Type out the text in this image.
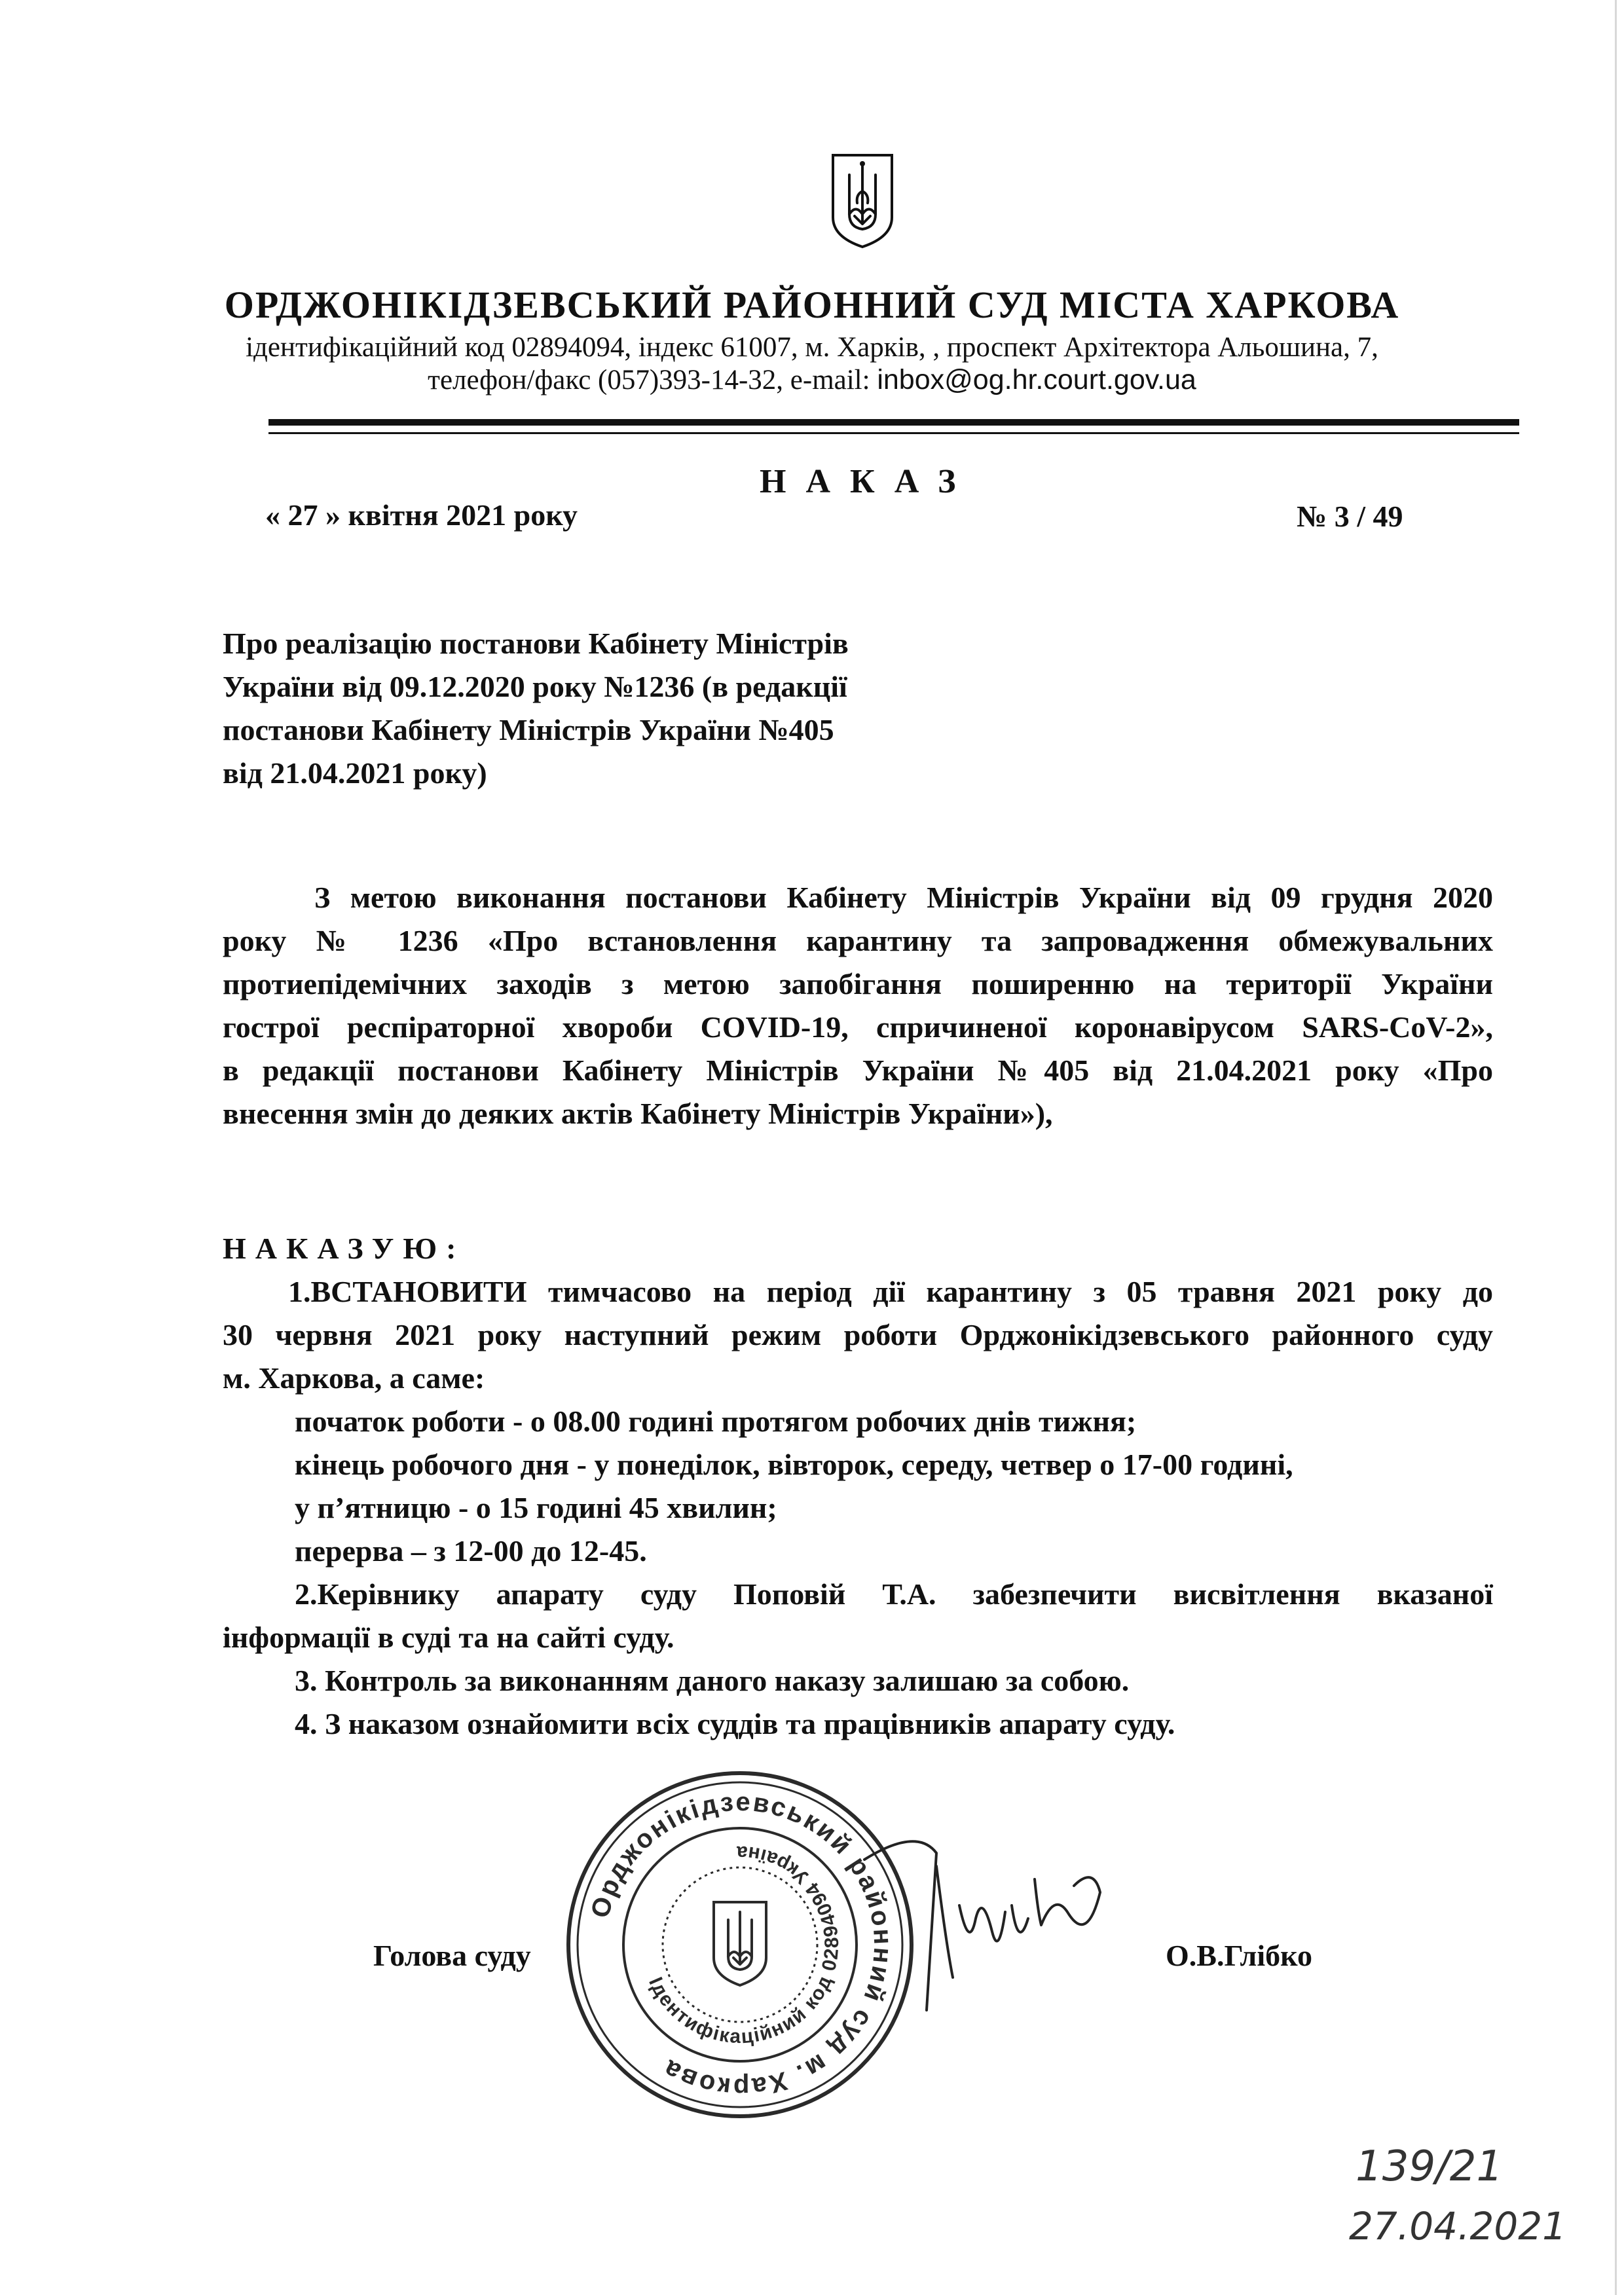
ОРДЖОНІКІДЗЕВСЬКИЙ РАЙОННИЙ СУД МІСТА ХАРКОВА
ідентифікаційний код 02894094, індекс 61007, м. Харків, , проспект Архітектора Альошина, 7,
телефон/факс (057)393-14-32, e-mail: inbox@og.hr.court.gov.ua
НАКАЗ
« 27 » квітня 2021 року	№ 3 / 49
Про реалізацію постанови Кабінету Міністрів
України від 09.12.2020 року №1236 (в редакції
постанови Кабінету Міністрів України №405
від 21.04.2021 року)
З метою виконання постанови Кабінету Міністрів України від 09 грудня 2020
року № 1236 «Про встановлення карантину та запровадження обмежувальних
протиепідемічних заходів з метою запобігання поширенню на території України
гострої респіраторної хвороби COVID-19, спричиненої коронавірусом SARS-CoV-2»,
в редакції постанови Кабінету Міністрів України №405 від 21.04.2021 року «Про
внесення змін до деяких актів Кабінету Міністрів України»),
НАКАЗУЮ:
1.ВСТАНОВИТИ тимчасово на період дії карантину з 05 травня 2021 року до
30 червня 2021 року наступний режим роботи Орджонікідзевського районного суду
м. Харкова, а саме:
початок роботи - о 08.00 годині протягом робочих днів тижня;
кінець робочого дня - у понеділок, вівторок, середу, четвер о 17-00 годині,
у п’ятницю - о 15 годині 45 хвилин;
перерва – з 12-00 до 12-45.
2.Керівнику апарату суду Поповій Т.А. забезпечити висвітлення вказаної
інформації в суді та на сайті суду.
3. Контроль за виконанням даного наказу залишаю за собою.
4. З наказом ознайомити всіх суддів та працівників апарату суду.
Голова суду	О.В.Глібко
Орджонікідзевський районний суд м. Харкова
Ідентифікаційний код 02894094 Україна
139/21
27.04.2021
